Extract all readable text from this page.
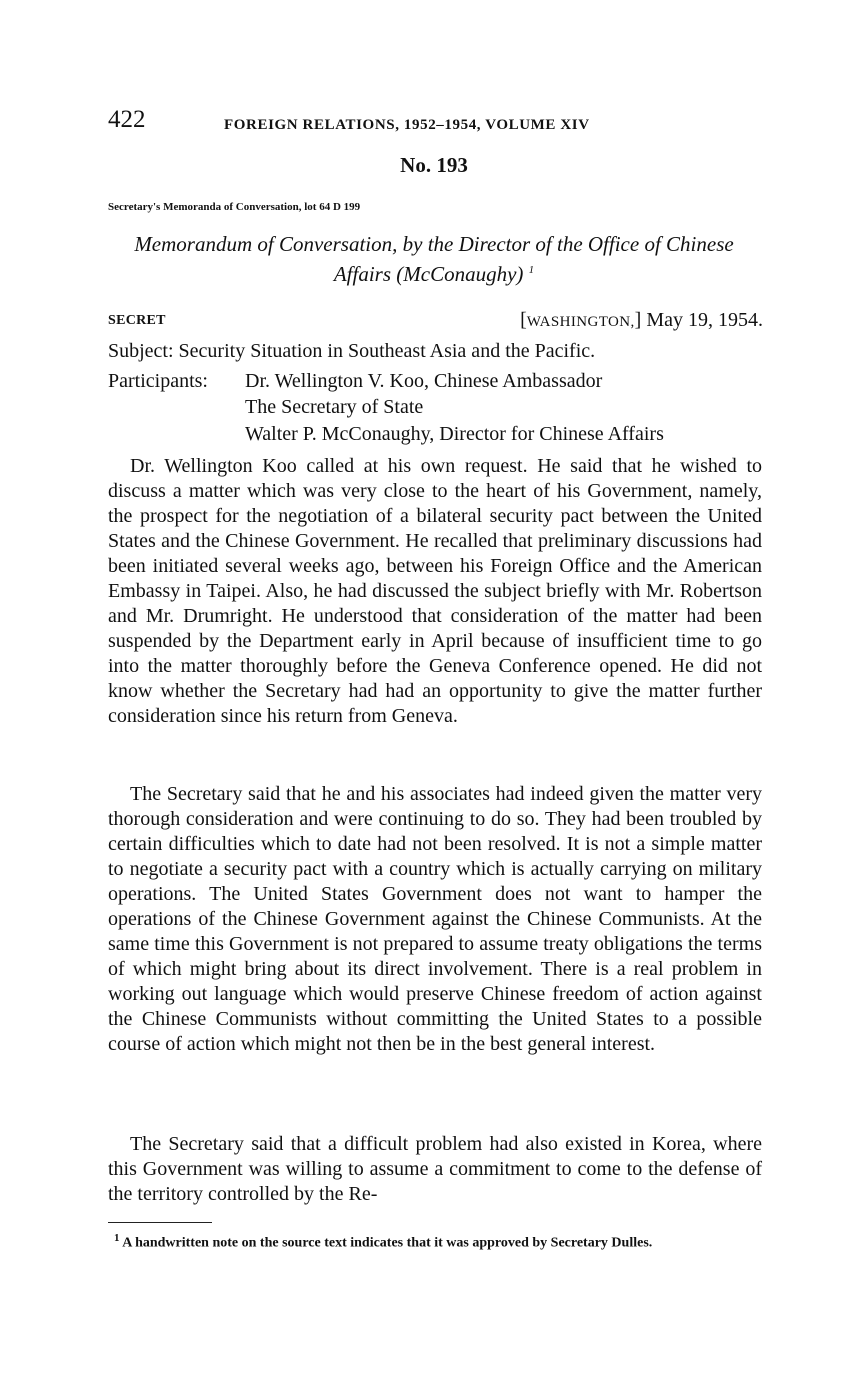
422	FOREIGN RELATIONS, 1952–1954, VOLUME XIV
No. 193
Secretary's Memoranda of Conversation, lot 64 D 199
Memorandum of Conversation, by the Director of the Office of Chinese Affairs (McConaughy) $^1$
SECRET	[WASHINGTON,] May 19, 1954.
Subject: Security Situation in Southeast Asia and the Pacific.
Participants: Dr. Wellington V. Koo, Chinese Ambassador
The Secretary of State
Walter P. McConaughy, Director for Chinese Affairs
Dr. Wellington Koo called at his own request. He said that he wished to discuss a matter which was very close to the heart of his Government, namely, the prospect for the negotiation of a bilateral security pact between the United States and the Chinese Government. He recalled that preliminary discussions had been initiated several weeks ago, between his Foreign Office and the American Embassy in Taipei. Also, he had discussed the subject briefly with Mr. Robertson and Mr. Drumright. He understood that consideration of the matter had been suspended by the Department early in April because of insufficient time to go into the matter thoroughly before the Geneva Conference opened. He did not know whether the Secretary had had an opportunity to give the matter further consideration since his return from Geneva.
The Secretary said that he and his associates had indeed given the matter very thorough consideration and were continuing to do so. They had been troubled by certain difficulties which to date had not been resolved. It is not a simple matter to negotiate a security pact with a country which is actually carrying on military operations. The United States Government does not want to hamper the operations of the Chinese Government against the Chinese Communists. At the same time this Government is not prepared to assume treaty obligations the terms of which might bring about its direct involvement. There is a real problem in working out language which would preserve Chinese freedom of action against the Chinese Communists without committing the United States to a possible course of action which might not then be in the best general interest.
The Secretary said that a difficult problem had also existed in Korea, where this Government was willing to assume a commitment to come to the defense of the territory controlled by the Re-
$^1$ A handwritten note on the source text indicates that it was approved by Secretary Dulles.
